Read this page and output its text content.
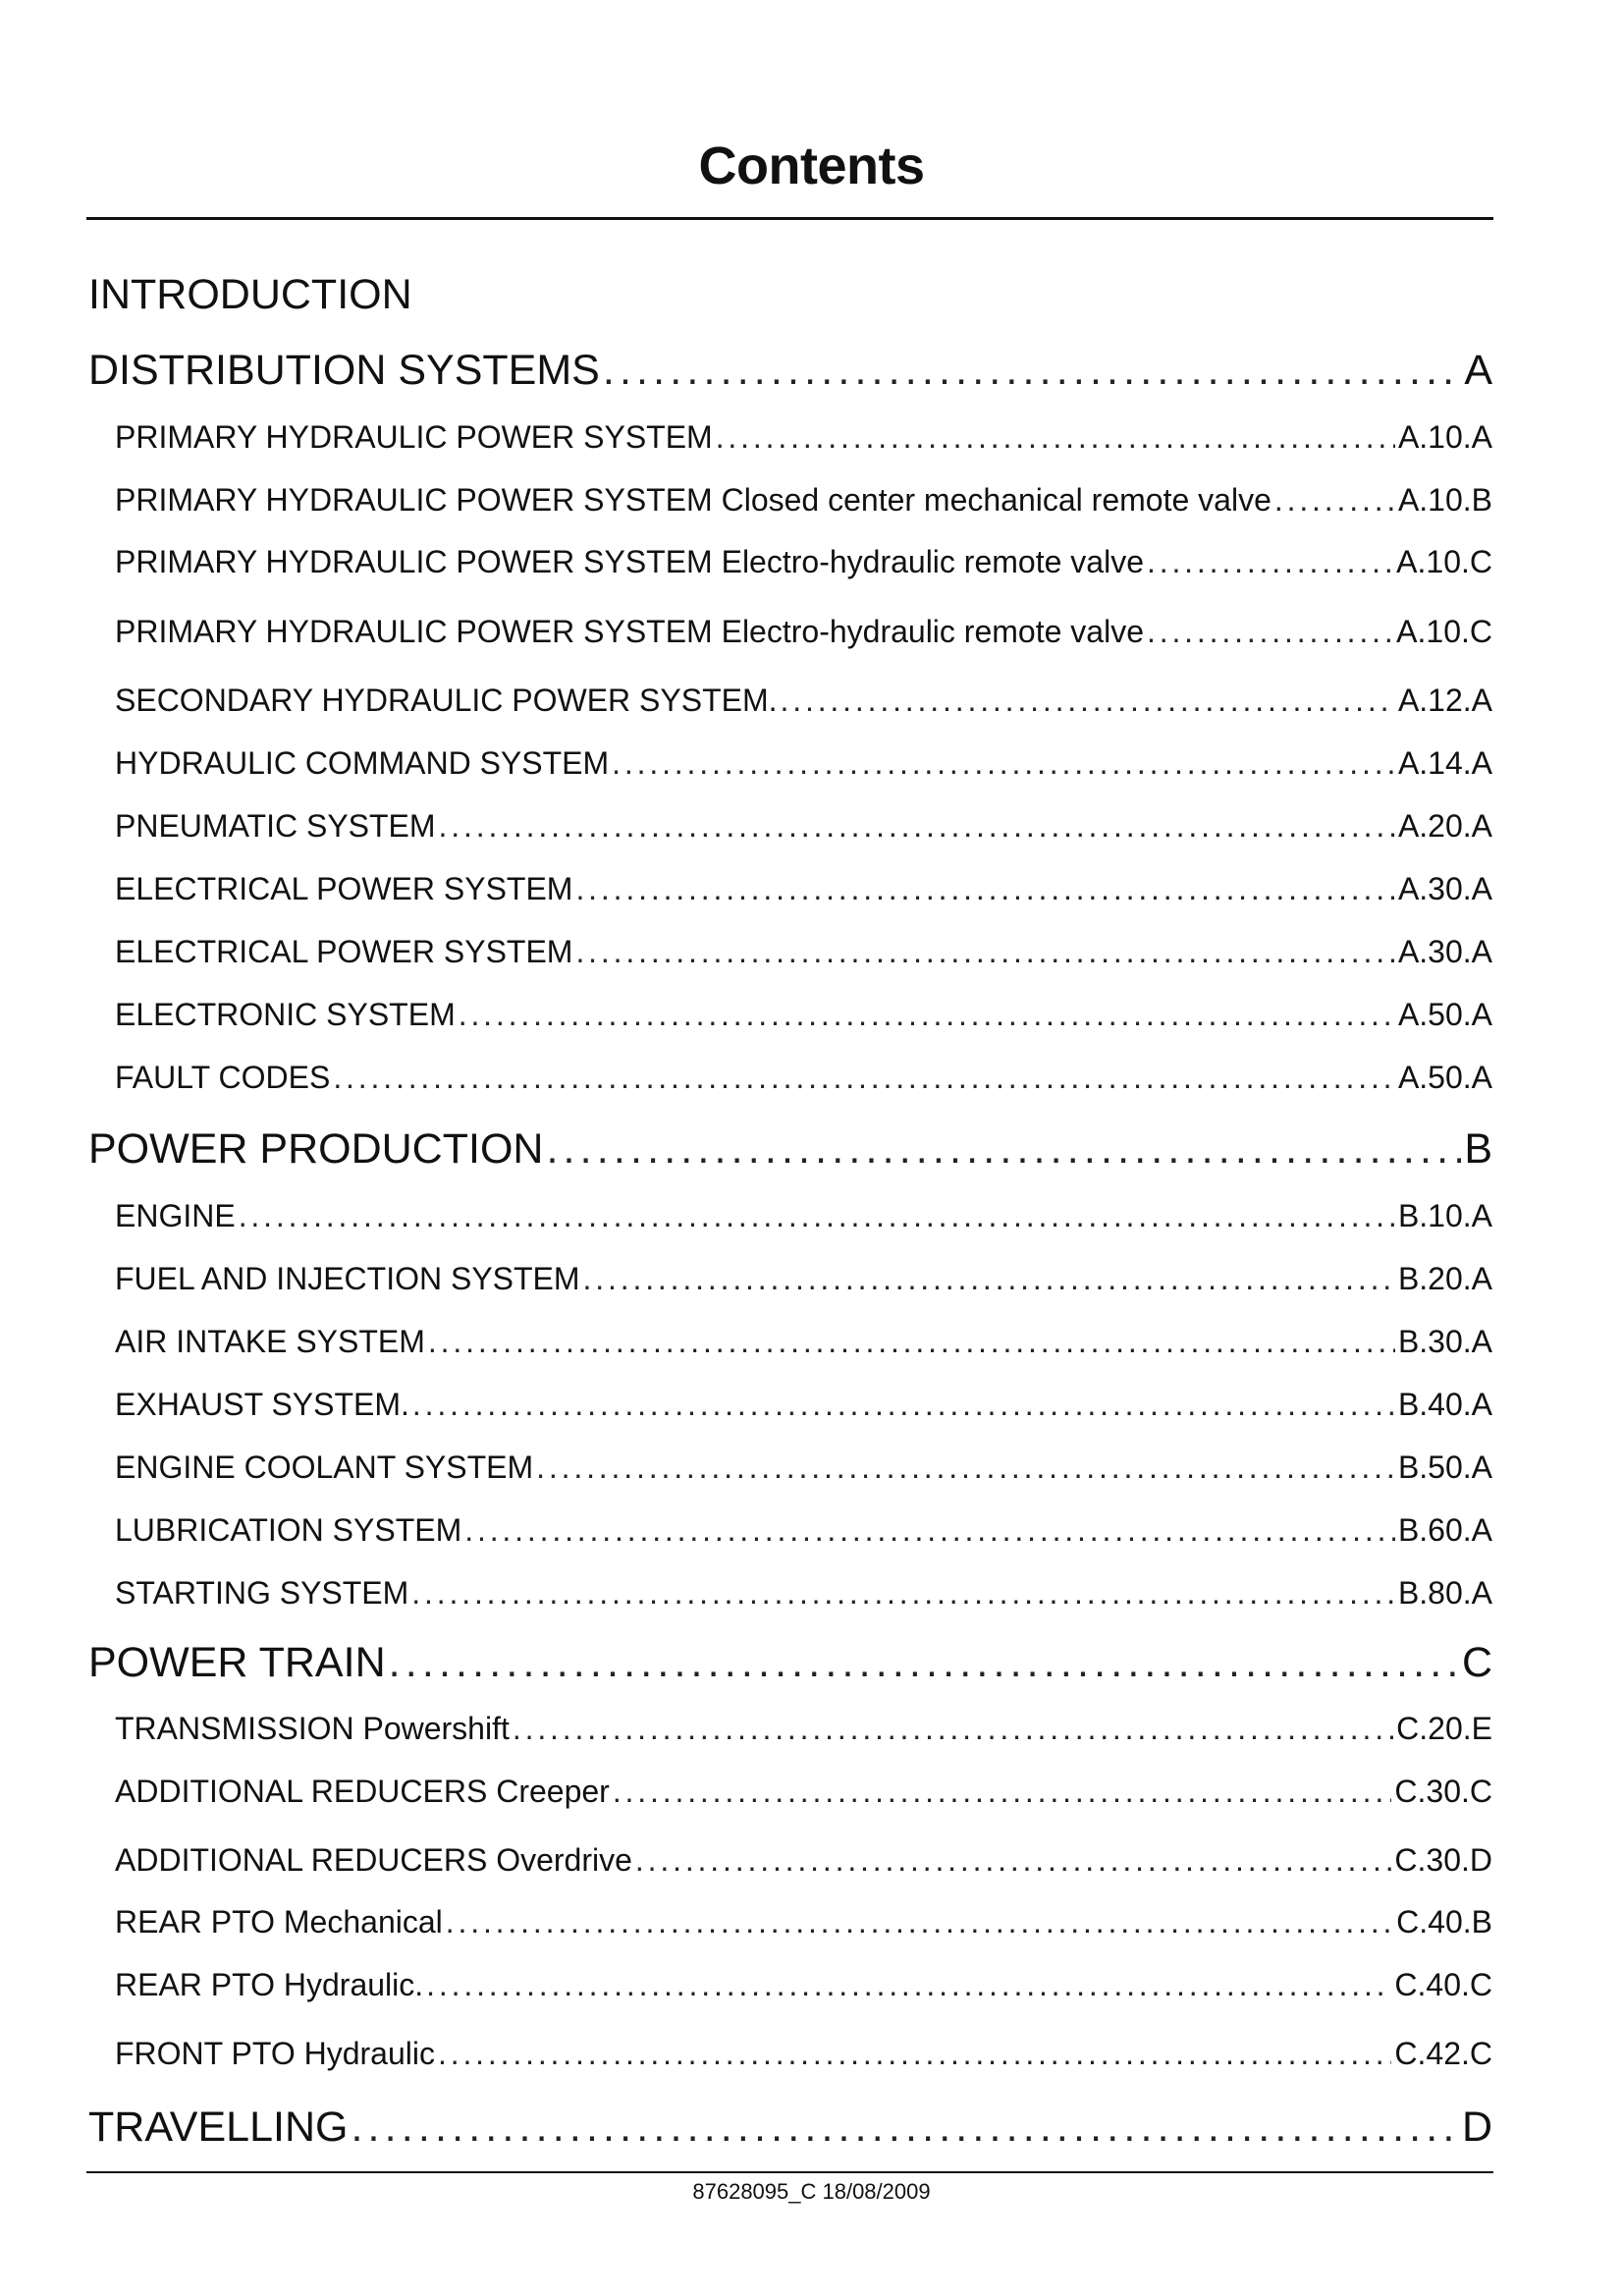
Contents
INTRODUCTION
DISTRIBUTION SYSTEMS .....	A
PRIMARY HYDRAULIC POWER SYSTEM .....	A.10.A
PRIMARY HYDRAULIC POWER SYSTEM Closed center mechanical remote valve .....	A.10.B
PRIMARY HYDRAULIC POWER SYSTEM Electro-hydraulic remote valve .....	A.10.C
PRIMARY HYDRAULIC POWER SYSTEM Electro-hydraulic remote valve .....	A.10.C
SECONDARY HYDRAULIC POWER SYSTEM. .....	A.12.A
HYDRAULIC COMMAND SYSTEM .....	A.14.A
PNEUMATIC SYSTEM .....	A.20.A
ELECTRICAL POWER SYSTEM .....	A.30.A
ELECTRICAL POWER SYSTEM .....	A.30.A
ELECTRONIC SYSTEM .....	A.50.A
FAULT CODES .....	A.50.A
POWER PRODUCTION .....	B
ENGINE .....	B.10.A
FUEL AND INJECTION SYSTEM .....	B.20.A
AIR INTAKE SYSTEM .....	B.30.A
EXHAUST SYSTEM. .....	B.40.A
ENGINE COOLANT SYSTEM .....	B.50.A
LUBRICATION SYSTEM .....	B.60.A
STARTING SYSTEM .....	B.80.A
POWER TRAIN .....	C
TRANSMISSION Powershift .....	C.20.E
ADDITIONAL REDUCERS Creeper .....	C.30.C
ADDITIONAL REDUCERS Overdrive .....	C.30.D
REAR PTO Mechanical .....	C.40.B
REAR PTO Hydraulic. .....	C.40.C
FRONT PTO Hydraulic .....	C.42.C
TRAVELLING .....	D
87628095_C 18/08/2009
